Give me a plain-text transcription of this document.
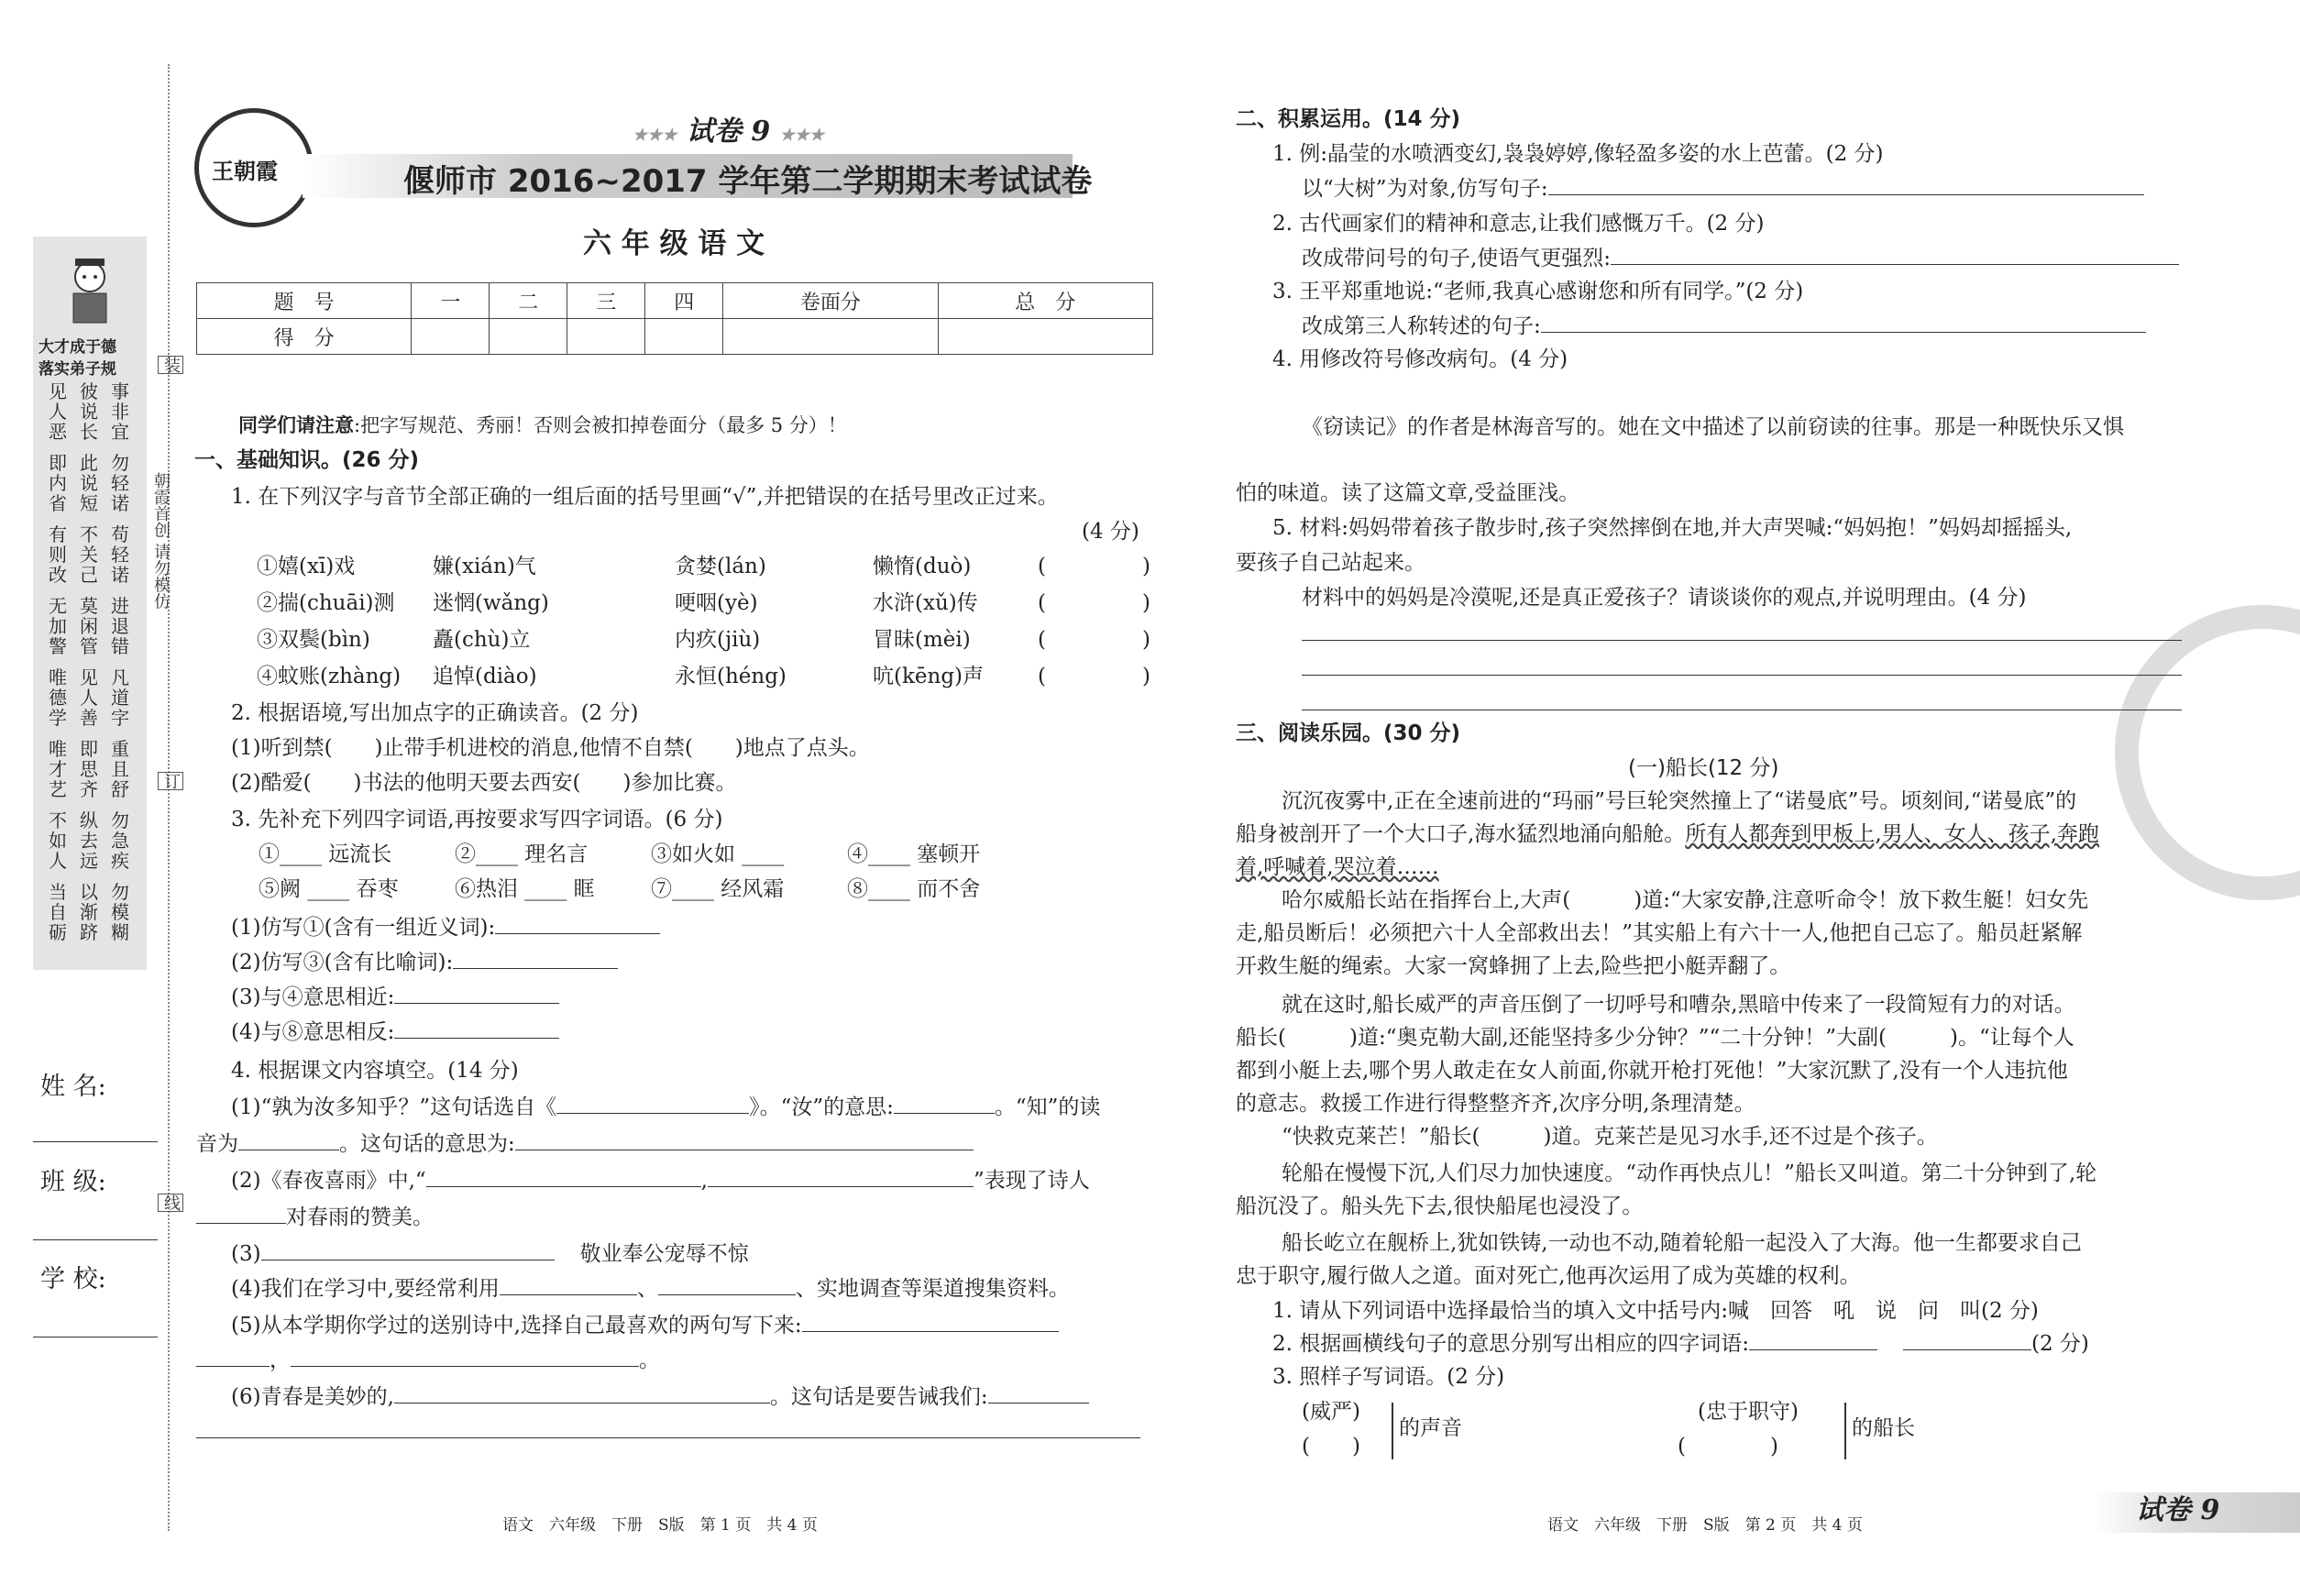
大才成于德
落实弟子规
见人恶
彼说长
事非宜
即内省
此说短
勿轻诺
有则改
不关己
苟轻诺
无加警
莫闲管
进退错
唯德学
见人善
凡道字
唯才艺
即思齐
重且舒
不如人
纵去远
勿急疾
当自砺
以渐跻
勿模糊
朝霞首创 请勿模仿
装
订
线
姓 名:
班 级:
学 校:
王朝霞
★★★ 试卷 9 ★★★
偃师市 2016~2017 学年第二学期期末考试试卷
六 年 级 语 文
题　号	一	二	三	四	卷面分	总　分
得　分						
同学们请注意:把字写规范、秀丽！否则会被扣掉卷面分（最多 5 分）！
一、基础知识。(26 分)
1. 在下列汉字与音节全部正确的一组后面的括号里画“√”,并把错误的在括号里改正过来。
(4 分)
①嬉(xī)戏	嫌(xián)气	贪婪(lán)	懒惰(duò)	(	)
②揣(chuāi)测 迷惘(wǎng)	哽咽(yè)	水浒(xǔ)传	(	)
③双鬓(bìn)	矗(chù)立	内疚(jiù)	冒昧(mèi)	(	)
④蚊账(zhàng) 追悼(diào)	永恒(héng)	吭(kēng)声	(	)
2. 根据语境,写出加点字的正确读音。(2 分)
(1)听到禁(　　)止带手机进校的消息,他情不自禁(　　)地点了点头。
(2)酷爱(　　)书法的他明天要去西安(　　)参加比赛。
3. 先补充下列四字词语,再按要求写四字词语。(6 分)
①____ 远流长	②____ 理名言	③如火如 ____	④____ 塞顿开
⑤阙 ____ 吞枣	⑥热泪 ____ 眶	⑦____ 经风霜	⑧____ 而不舍
(1)仿写①(含有一组近义词):
(2)仿写③(含有比喻词):
(3)与④意思相近:
(4)与⑧意思相反:
4. 根据课文内容填空。(14 分)
(1)“孰为汝多知乎？”这句话选自《	》。“汝”的意思:	。“知”的读
音为	。这句话的意思为:
(2)《春夜喜雨》中,“	,	”表现了诗人
对春雨的赞美。
(3)	敬业奉公宠辱不惊
(4)我们在学习中,要经常利用	、	、实地调查等渠道搜集资料。
(5)从本学期你学过的送别诗中,选择自己最喜欢的两句写下来:
，	。
(6)青春是美妙的,	。这句话是要告诫我们:
语文　六年级　下册　S版　第 1 页　共 4 页
二、积累运用。(14 分)
1. 例:晶莹的水喷洒变幻,袅袅婷婷,像轻盈多姿的水上芭蕾。(2 分)
以“大树”为对象,仿写句子:
2. 古代画家们的精神和意志,让我们感慨万千。(2 分)
改成带问号的句子,使语气更强烈:
3. 王平郑重地说:“老师,我真心感谢您和所有同学。”(2 分)
改成第三人称转述的句子:
4. 用修改符号修改病句。(4 分)
《窃读记》的作者是林海音写的。她在文中描述了以前窃读的往事。那是一种既快乐又惧
怕的味道。读了这篇文章,受益匪浅。
5. 材料:妈妈带着孩子散步时,孩子突然摔倒在地,并大声哭喊:“妈妈抱！”妈妈却摇摇头,
要孩子自己站起来。
材料中的妈妈是冷漠呢,还是真正爱孩子？请谈谈你的观点,并说明理由。(4 分)
三、阅读乐园。(30 分)
(一)船长(12 分)
沉沉夜雾中,正在全速前进的“玛丽”号巨轮突然撞上了“诺曼底”号。顷刻间,“诺曼底”的
船身被剖开了一个大口子,海水猛烈地涌向船舱。所有人都奔到甲板上,男人、女人、孩子,奔跑
着,呼喊着,哭泣着……
哈尔威船长站在指挥台上,大声(　　　)道:“大家安静,注意听命令！放下救生艇！妇女先
走,船员断后！必须把六十人全部救出去！”其实船上有六十一人,他把自己忘了。船员赶紧解
开救生艇的绳索。大家一窝蜂拥了上去,险些把小艇弄翻了。
就在这时,船长威严的声音压倒了一切呼号和嘈杂,黑暗中传来了一段简短有力的对话。
船长(　　　)道:“奥克勒大副,还能坚持多少分钟？”“二十分钟！”大副(　　　)。“让每个人
都到小艇上去,哪个男人敢走在女人前面,你就开枪打死他！”大家沉默了,没有一个人违抗他
的意志。救援工作进行得整整齐齐,次序分明,条理清楚。
“快救克莱芒！”船长(　　　)道。克莱芒是见习水手,还不过是个孩子。
轮船在慢慢下沉,人们尽力加快速度。“动作再快点儿！”船长又叫道。第二十分钟到了,轮
船沉没了。船头先下去,很快船尾也浸没了。
船长屹立在舰桥上,犹如铁铸,一动也不动,随着轮船一起没入了大海。他一生都要求自己
忠于职守,履行做人之道。面对死亡,他再次运用了成为英雄的权利。
1. 请从下列词语中选择最恰当的填入文中括号内:喊　回答　吼　说　问　叫(2 分)
2. 根据画横线句子的意思分别写出相应的四字词语:	(2 分)
3. 照样子写词语。(2 分)
(威严)
(　　)
的声音
(忠于职守)
(　　　　)
的船长
语文　六年级　下册　S版　第 2 页　共 4 页	试卷 9
